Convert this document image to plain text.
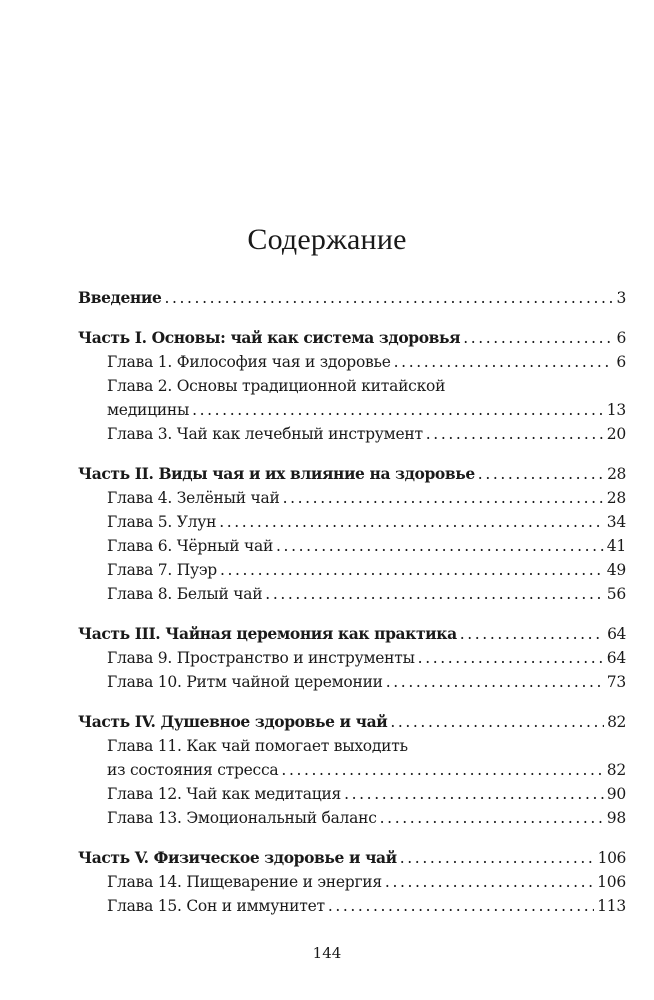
Содержание
Введение .....	3
Часть I. Основы: чай как система здоровья .....	6
Глава 1. Философия чая и здоровье .....	6
Глава 2. Основы традиционной китайской
медицины .....	13
Глава 3. Чай как лечебный инструмент .....	20
Часть II. Виды чая и их влияние на здоровье .....	28
Глава 4. Зелёный чай .....	28
Глава 5. Улун .....	34
Глава 6. Чёрный чай .....	41
Глава 7. Пуэр .....	49
Глава 8. Белый чай .....	56
Часть III. Чайная церемония как практика .....	64
Глава 9. Пространство и инструменты .....	64
Глава 10. Ритм чайной церемонии .....	73
Часть IV. Душевное здоровье и чай .....	82
Глава 11. Как чай помогает выходить
из состояния стресса .....	82
Глава 12. Чай как медитация .....	90
Глава 13. Эмоциональный баланс .....	98
Часть V. Физическое здоровье и чай .....	106
Глава 14. Пищеварение и энергия .....	106
Глава 15. Сон и иммунитет .....	113
144
